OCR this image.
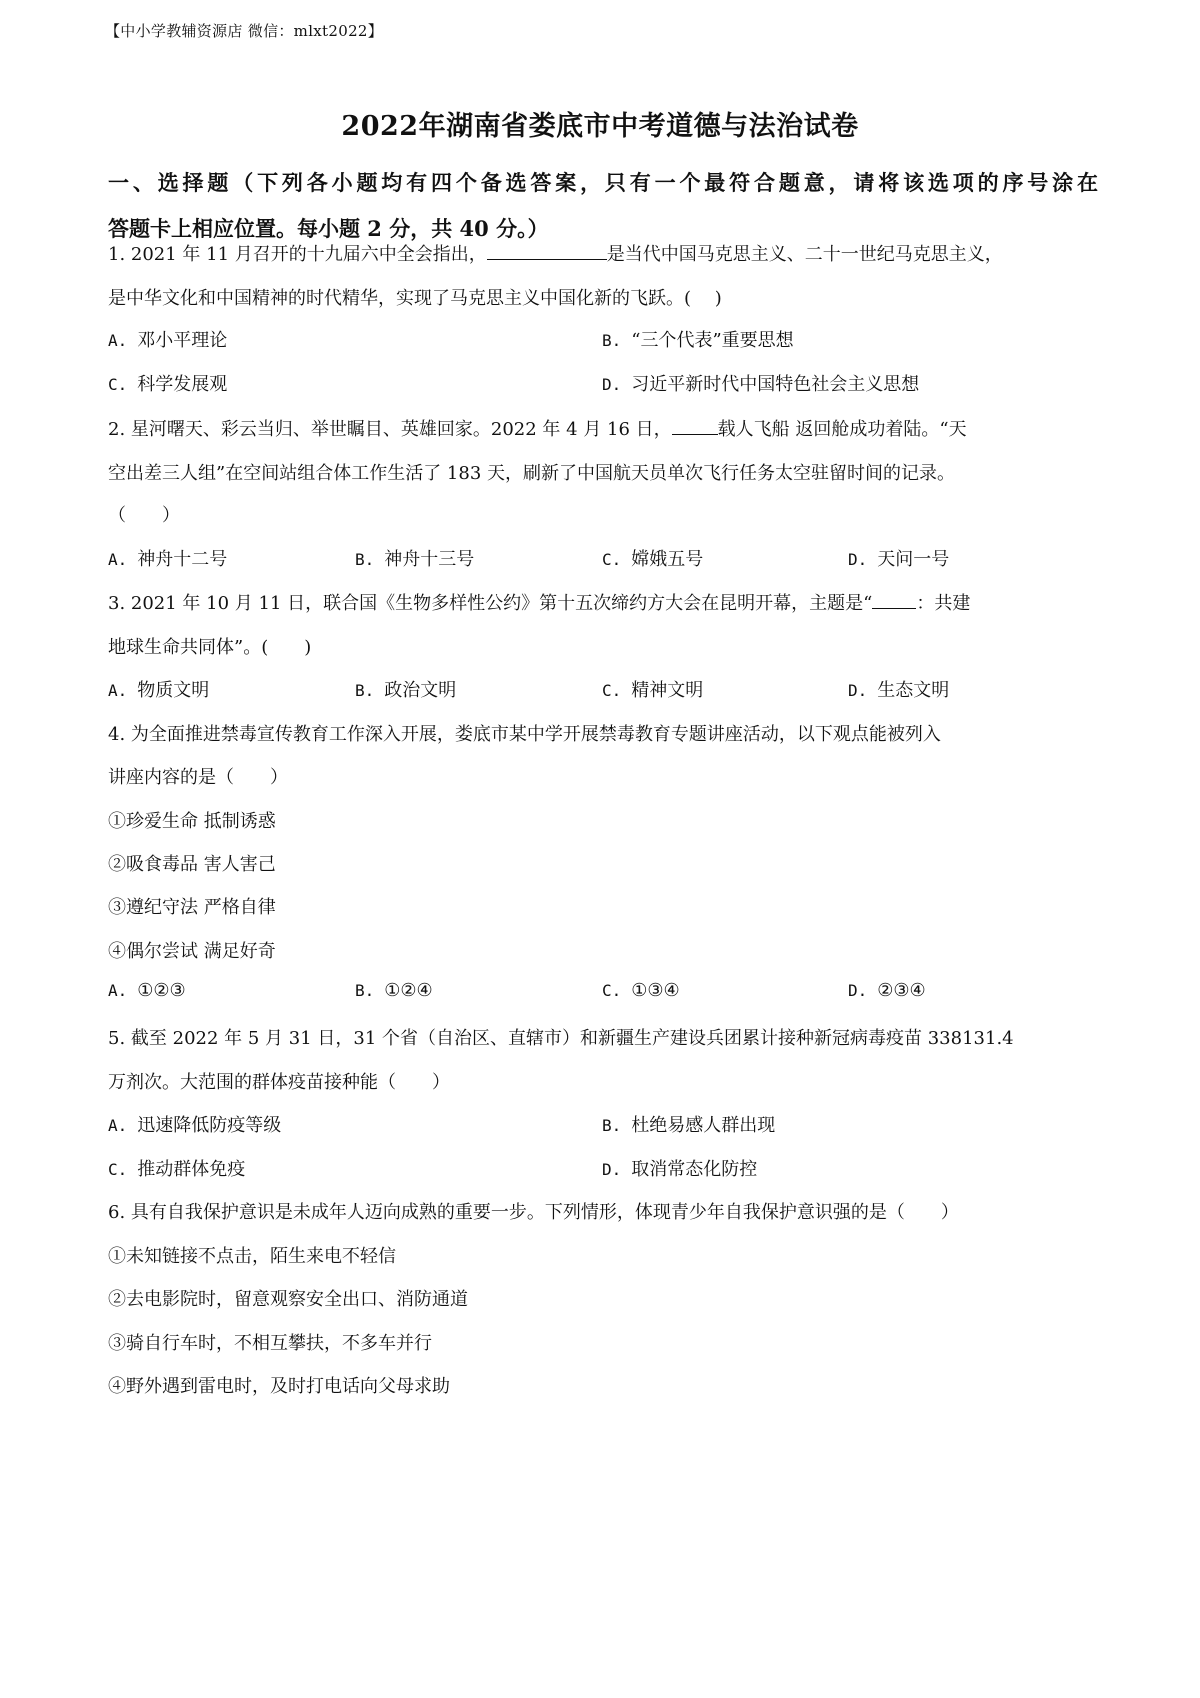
【中小学教辅资源店 微信：mlxt2022】
2022年湖南省娄底市中考道德与法治试卷
一、选择题（下列各小题均有四个备选答案，只有一个最符合题意，请将该选项的序号涂在
答题卡上相应位置。每小题 2 分，共 40 分。）
1. 2021 年 11 月召开的十九届六中全会指出，	是当代中国马克思主义、二十一世纪马克思主义，
是中华文化和中国精神的时代精华，实现了马克思主义中国化新的飞跃。(　 )
A. 邓小平理论	B. “三个代表”重要思想
C. 科学发展观	D. 习近平新时代中国特色社会主义思想
2. 星河曙天、彩云当归、举世瞩目、英雄回家。2022 年 4 月 16 日，	载人飞船 返回舱成功着陆。“天
空出差三人组”在空间站组合体工作生活了 183 天，刷新了中国航天员单次飞行任务太空驻留时间的记录。
（　　）
A. 神舟十二号	B. 神舟十三号	C. 嫦娥五号	D. 天问一号
3. 2021 年 10 月 11 日，联合国《生物多样性公约》第十五次缔约方大会在昆明开幕，主题是“ ：共建
地球生命共同体”。(　　)
A. 物质文明	B. 政治文明	C. 精神文明	D. 生态文明
4. 为全面推进禁毒宣传教育工作深入开展，娄底市某中学开展禁毒教育专题讲座活动，以下观点能被列入
讲座内容的是（　　）
①珍爱生命 抵制诱惑
②吸食毒品 害人害己
③遵纪守法 严格自律
④偶尔尝试 满足好奇
A. ①②③	B. ①②④	C. ①③④	D. ②③④
5. 截至 2022 年 5 月 31 日，31 个省（自治区、直辖市）和新疆生产建设兵团累计接种新冠病毒疫苗 338131.4
万剂次。大范围的群体疫苗接种能（　　）
A. 迅速降低防疫等级	B. 杜绝易感人群出现
C. 推动群体免疫	D. 取消常态化防控
6. 具有自我保护意识是未成年人迈向成熟的重要一步。下列情形，体现青少年自我保护意识强的是（　　）
①未知链接不点击，陌生来电不轻信
②去电影院时，留意观察安全出口、消防通道
③骑自行车时，不相互攀扶，不多车并行
④野外遇到雷电时，及时打电话向父母求助
